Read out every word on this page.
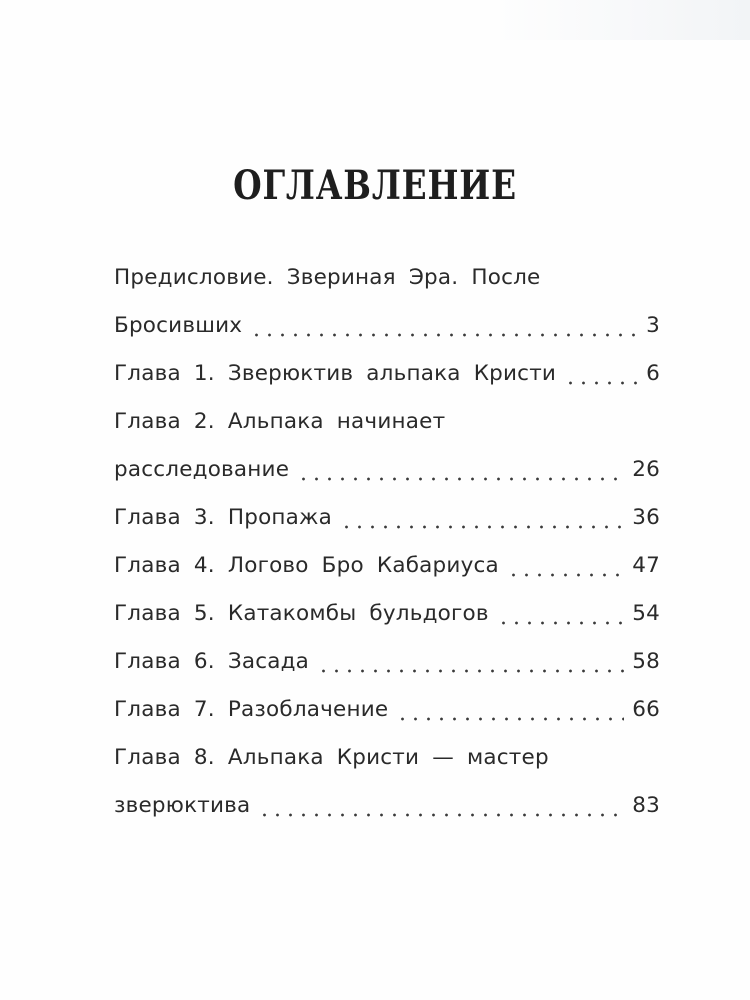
ОГЛАВЛЕНИЕ
Предисловие. Звериная Эра. После
Бросивших	3
Глава 1. Зверюктив альпака Кристи	6
Глава 2. Альпака начинает
расследование	26
Глава 3. Пропажа	36
Глава 4. Логово Бро Кабариуса	47
Глава 5. Катакомбы бульдогов	54
Глава 6. Засада	58
Глава 7. Разоблачение	66
Глава 8. Альпака Кристи — мастер
зверюктива	83
